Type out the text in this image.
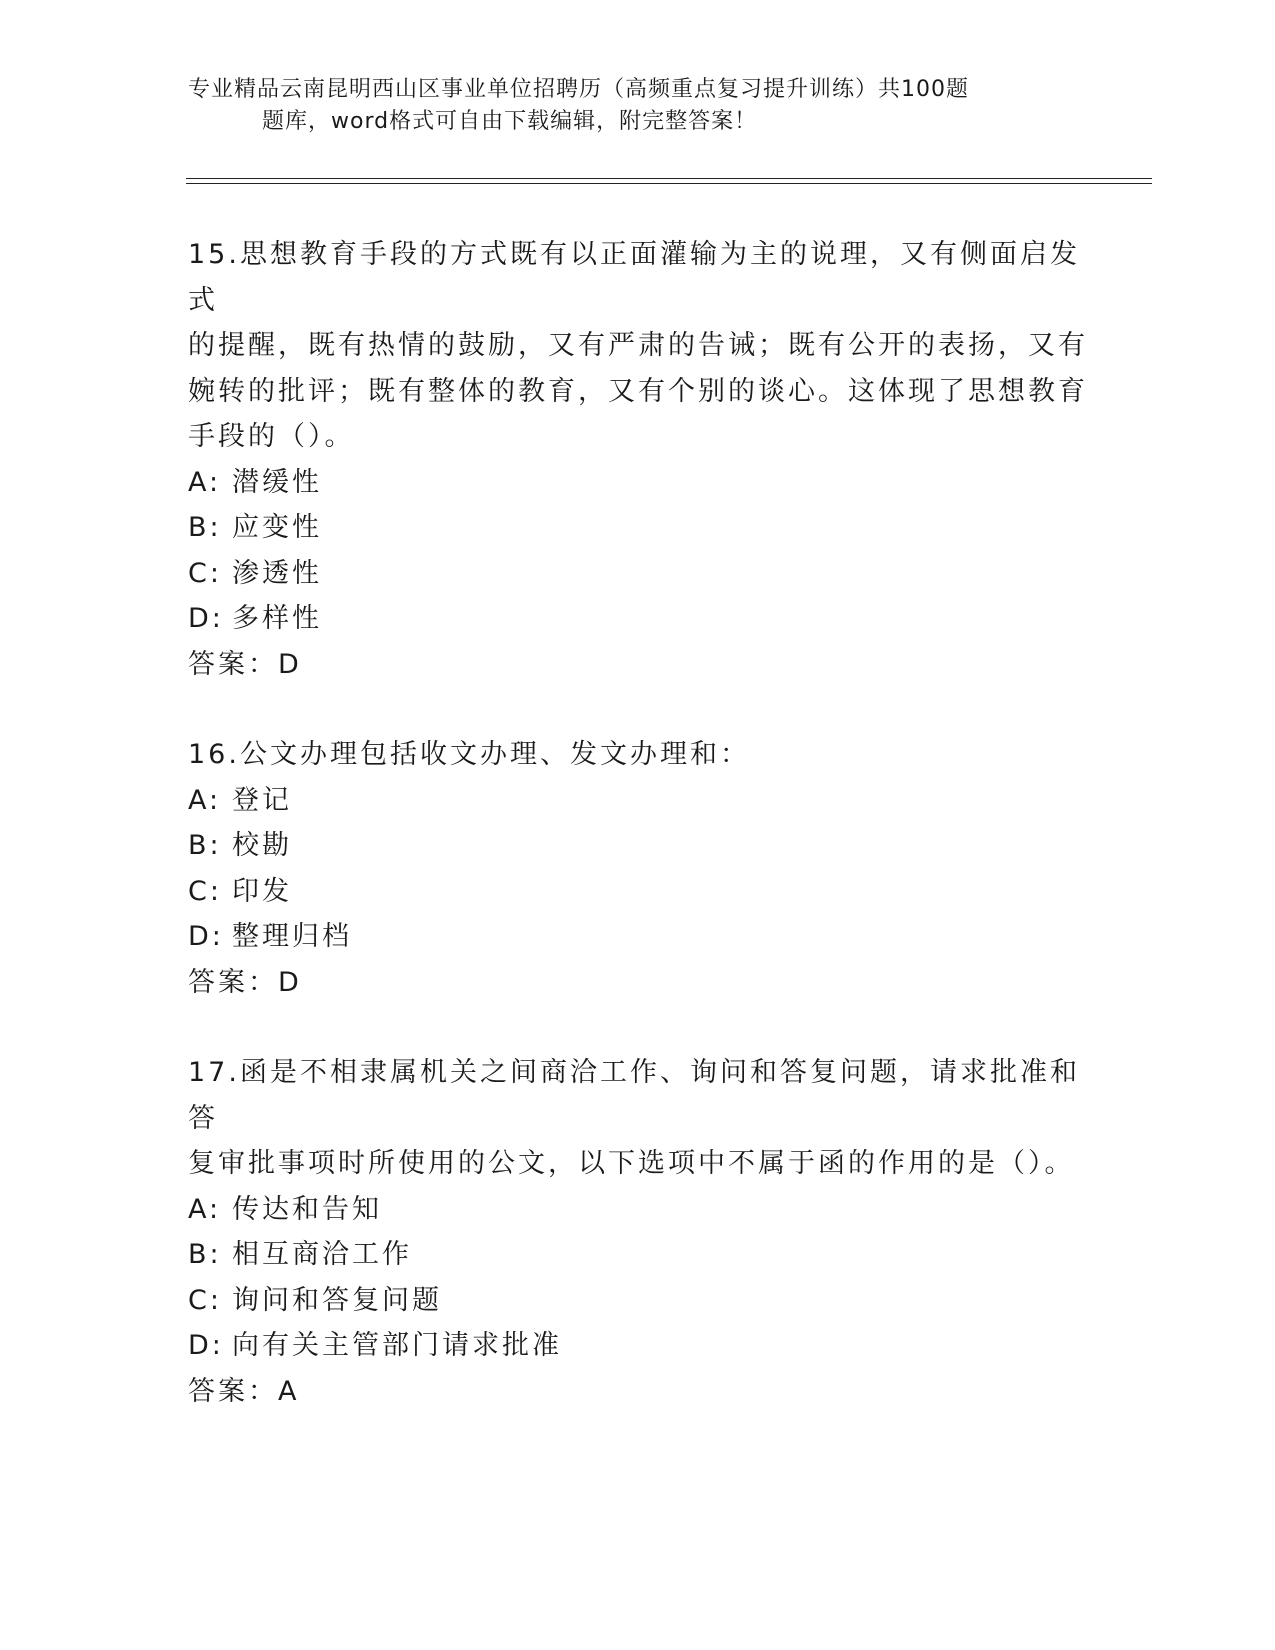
专业精品云南昆明西山区事业单位招聘历（高频重点复习提升训练）共100题
题库，word格式可自由下载编辑，附完整答案！

15.思想教育手段的方式既有以正面灌输为主的说理，又有侧面启发式

的提醒，既有热情的鼓励，又有严肃的告诫；既有公开的表扬，又有

婉转的批评；既有整体的教育，又有个别的谈心。这体现了思想教育

手段的（）。

A: 潜缓性

B: 应变性

C: 渗透性

D: 多样性

答案：D

16.公文办理包括收文办理、发文办理和：

A: 登记

B: 校勘

C: 印发

D: 整理归档

答案：D

17.函是不相隶属机关之间商洽工作、询问和答复问题，请求批准和答

复审批事项时所使用的公文，以下选项中不属于函的作用的是（）。

A: 传达和告知

B: 相互商洽工作

C: 询问和答复问题

D: 向有关主管部门请求批准

答案：A
